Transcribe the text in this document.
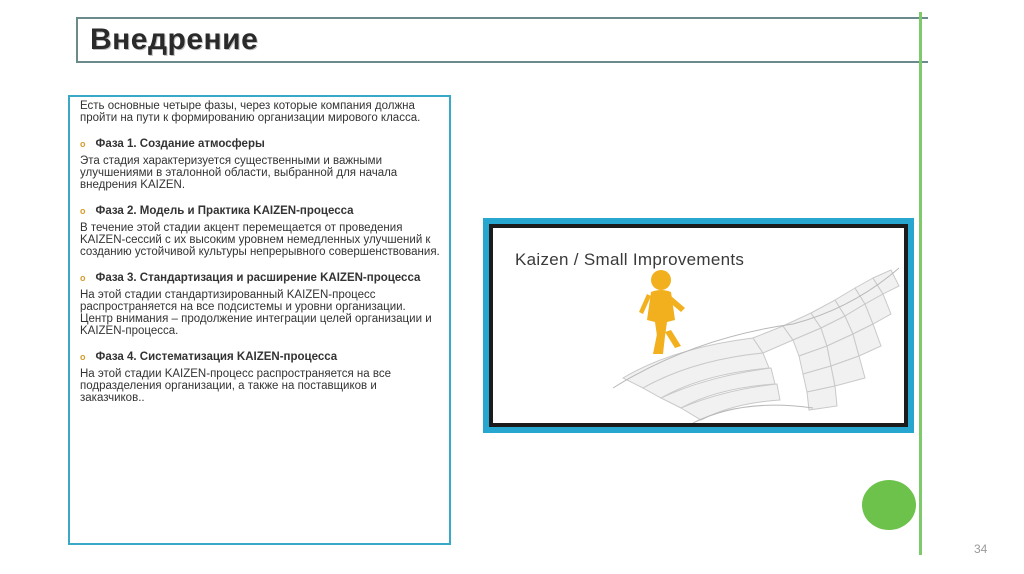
Внедрение

Есть основные четыре фазы, через которые компания должна пройти на пути к формированию организации мирового класса.

o Фаза 1. Создание атмосферы

Эта стадия характеризуется существенными и важными улучшениями в эталонной области, выбранной для начала внедрения KAIZEN.

o Фаза 2. Модель и Практика KAIZEN-процесса

В течение этой стадии акцент перемещается от проведения KAIZEN-сессий с их высоким уровнем немедленных улучшений к созданию устойчивой культуры непрерывного совершенствования.

o Фаза 3. Стандартизация и расширение KAIZEN-процесса

На этой стадии стандартизированный KAIZEN-процесс распространяется на все подсистемы и уровни организации. Центр внимания – продолжение интеграции целей организации и KAIZEN-процесса.

o Фаза 4. Систематизация KAIZEN-процесса

На этой стадии KAIZEN-процесс распространяется на все подразделения организации, а также на поставщиков и заказчиков..

Kaizen / Small Improvements
34
